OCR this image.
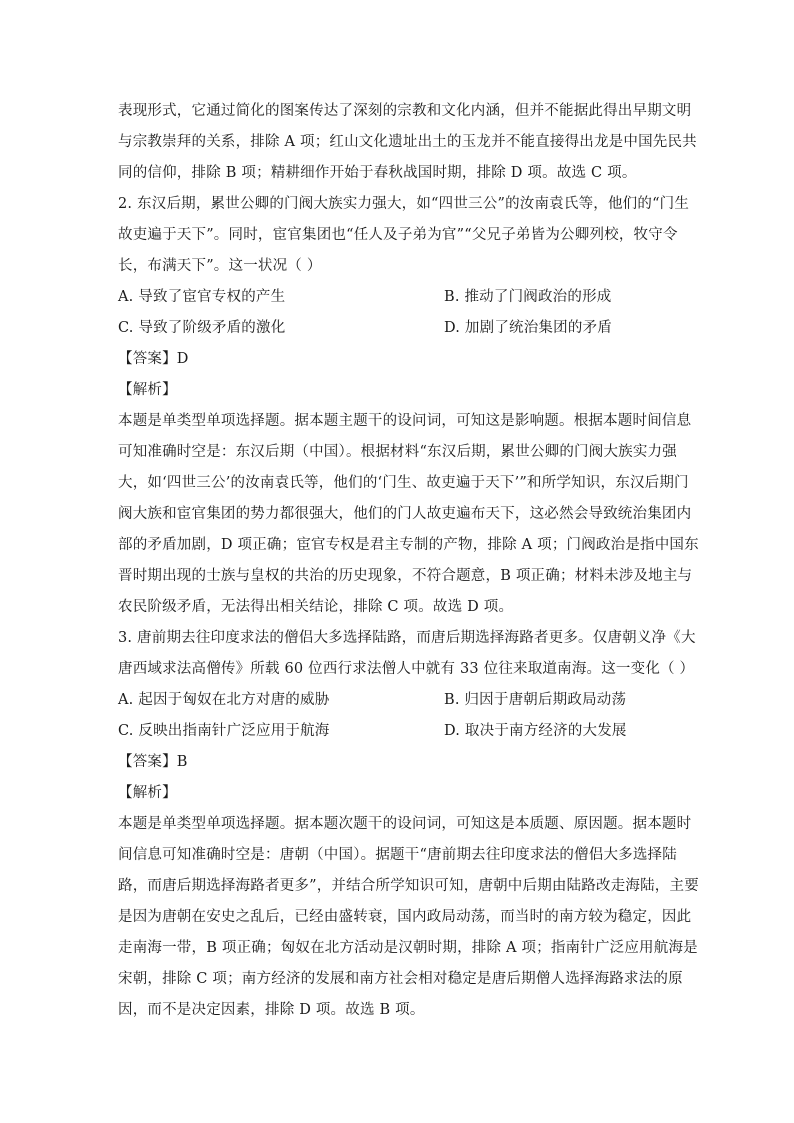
表现形式，它通过简化的图案传达了深刻的宗教和文化内涵，但并不能据此得出早期文明
与宗教崇拜的关系，排除 A 项；红山文化遗址出土的玉龙并不能直接得出龙是中国先民共
同的信仰，排除 B 项；精耕细作开始于春秋战国时期，排除 D 项。故选 C 项。
2. 东汉后期，累世公卿的门阀大族实力强大，如“四世三公”的汝南袁氏等，他们的“门生
故吏遍于天下”。同时，宦官集团也“任人及子弟为官”“父兄子弟皆为公卿列校，牧守令
长，布满天下”。这一状况（ ）
A. 导致了宦官专权的产生	B. 推动了门阀政治的形成
C. 导致了阶级矛盾的激化	D. 加剧了统治集团的矛盾
【答案】D
【解析】
本题是单类型单项选择题。据本题主题干的设问词，可知这是影响题。根据本题时间信息
可知准确时空是：东汉后期（中国）。根据材料“东汉后期，累世公卿的门阀大族实力强
大，如‘四世三公’的汝南袁氏等，他们的‘门生、故吏遍于天下’”和所学知识，东汉后期门
阀大族和宦官集团的势力都很强大，他们的门人故吏遍布天下，这必然会导致统治集团内
部的矛盾加剧，D 项正确；宦官专权是君主专制的产物，排除 A 项；门阀政治是指中国东
晋时期出现的士族与皇权的共治的历史现象，不符合题意，B 项正确；材料未涉及地主与
农民阶级矛盾，无法得出相关结论，排除 C 项。故选 D 项。
3. 唐前期去往印度求法的僧侣大多选择陆路，而唐后期选择海路者更多。仅唐朝义净《大
唐西域求法高僧传》所载 60 位西行求法僧人中就有 33 位往来取道南海。这一变化（ ）
A. 起因于匈奴在北方对唐的威胁	B. 归因于唐朝后期政局动荡
C. 反映出指南针广泛应用于航海	D. 取决于南方经济的大发展
【答案】B
【解析】
本题是单类型单项选择题。据本题次题干的设问词，可知这是本质题、原因题。据本题时
间信息可知准确时空是：唐朝（中国）。据题干“唐前期去往印度求法的僧侣大多选择陆
路，而唐后期选择海路者更多”，并结合所学知识可知，唐朝中后期由陆路改走海陆，主要
是因为唐朝在安史之乱后，已经由盛转衰，国内政局动荡，而当时的南方较为稳定，因此
走南海一带，B 项正确；匈奴在北方活动是汉朝时期，排除 A 项；指南针广泛应用航海是
宋朝，排除 C 项；南方经济的发展和南方社会相对稳定是唐后期僧人选择海路求法的原
因，而不是决定因素，排除 D 项。故选 B 项。
